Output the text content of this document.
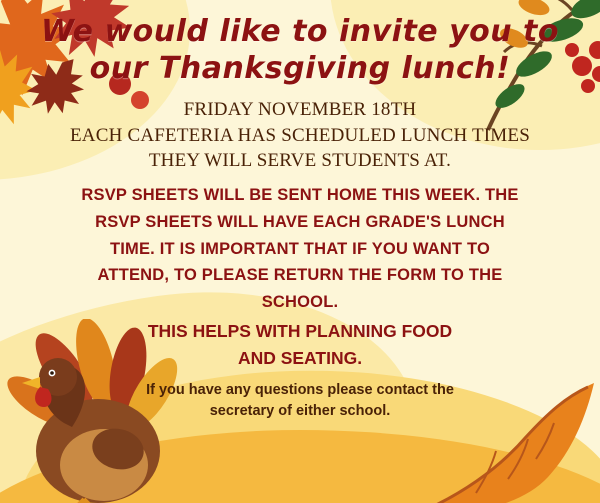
We would like to invite you to our Thanksgiving lunch!
FRIDAY NOVEMBER 18TH
EACH CAFETERIA HAS SCHEDULED LUNCH TIMES
THEY WILL SERVE STUDENTS AT.
RSVP SHEETS WILL BE SENT HOME THIS WEEK. THE
RSVP SHEETS WILL HAVE EACH GRADE'S LUNCH
TIME. IT IS IMPORTANT THAT IF YOU WANT TO
ATTEND, TO PLEASE RETURN THE FORM TO THE
SCHOOL.
THIS HELPS WITH PLANNING FOOD
AND SEATING.
If you have any questions please contact the
secretary of either school.
